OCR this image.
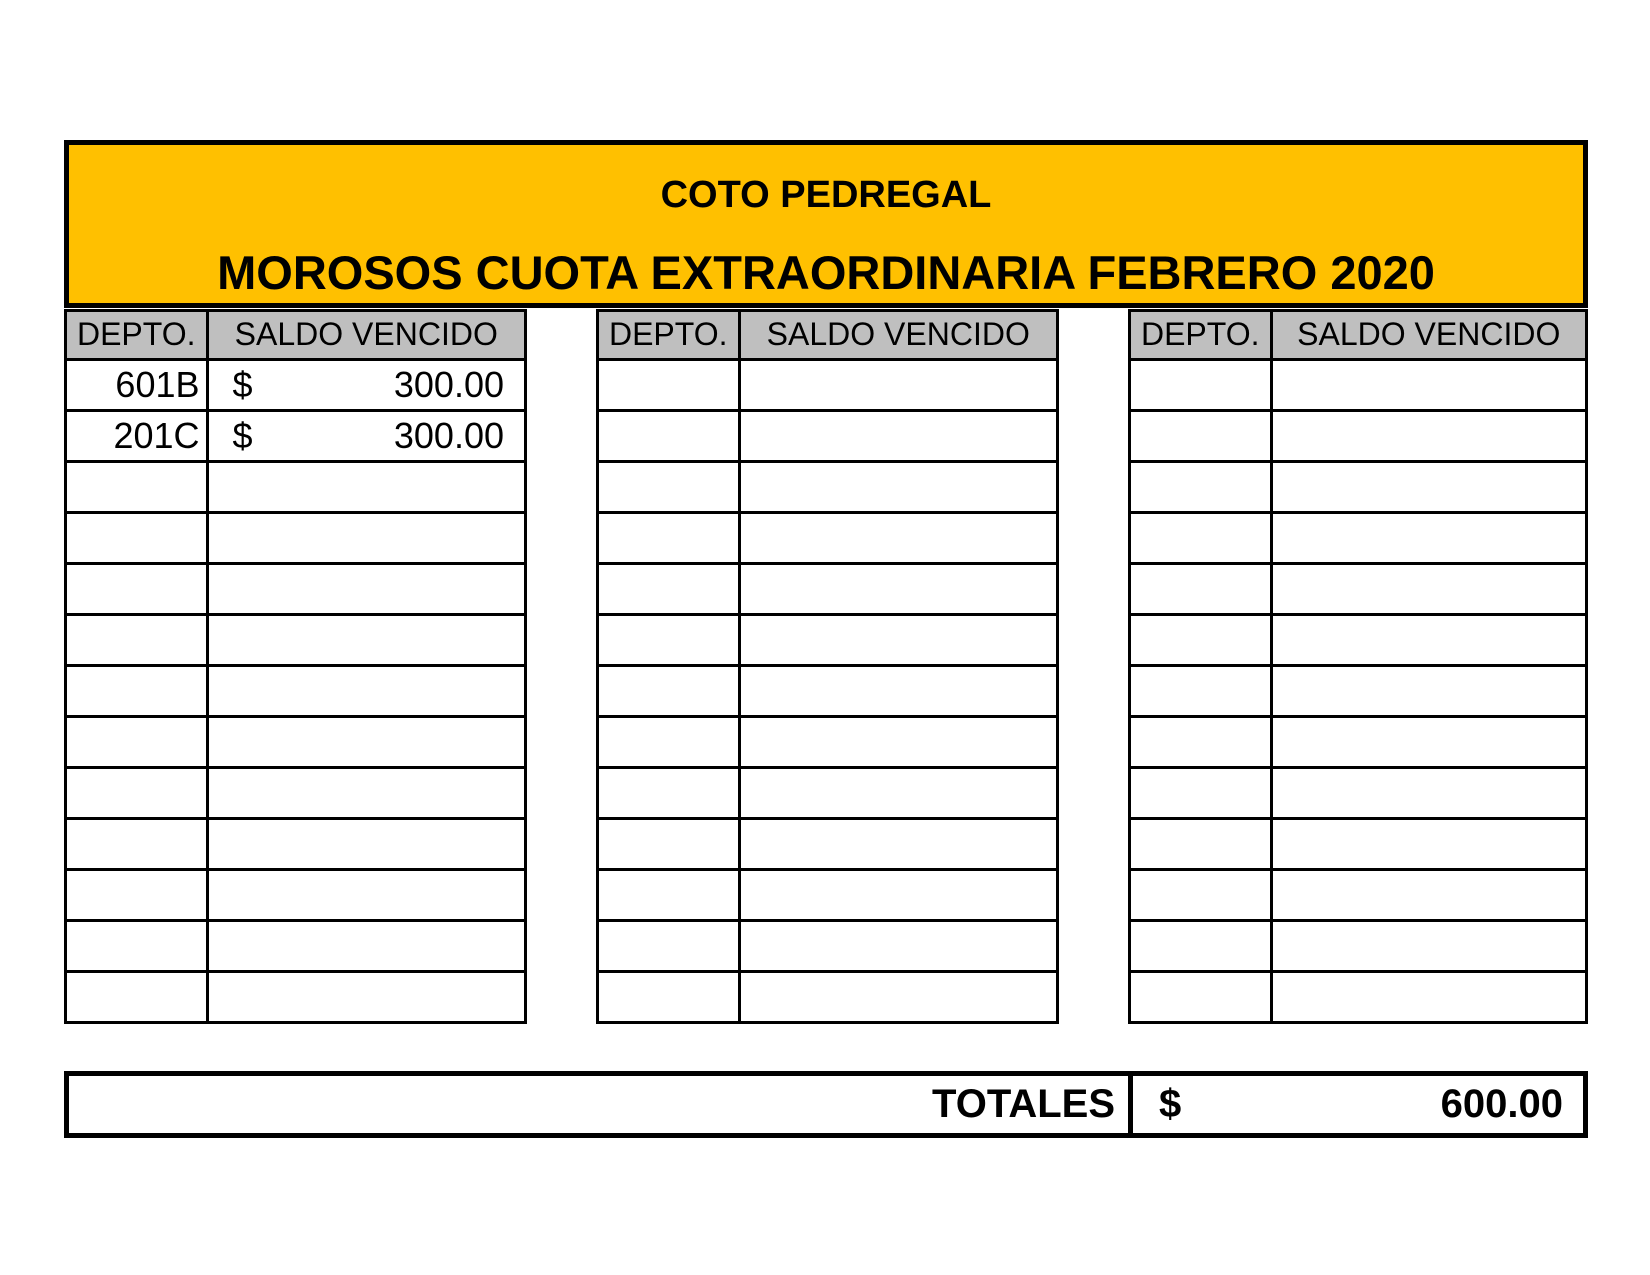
COTO PEDREGAL
MOROSOS CUOTA EXTRAORDINARIA FEBRERO 2020
DEPTO.	SALDO VENCIDO
601B	$ 300.00

201C	$ 300.00

DEPTO.	SALDO VENCIDO

		DEPTO.	SALDO VENCIDO

TOTALES $	600.00
